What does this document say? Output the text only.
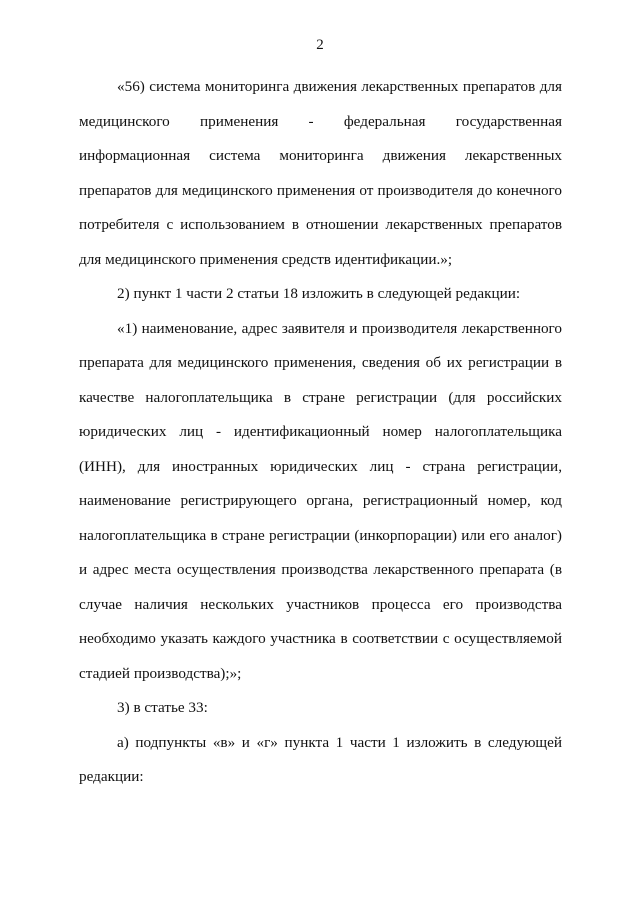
2

«56) система мониторинга движения лекарственных препаратов для медицинского применения - федеральная государственная информационная система мониторинга движения лекарственных препаратов для медицинского применения от производителя до конечного потребителя с использованием в отношении лекарственных препаратов для медицинского применения средств идентификации.»;

2) пункт 1 части 2 статьи 18 изложить в следующей редакции:

«1) наименование, адрес заявителя и производителя лекарственного препарата для медицинского применения, сведения об их регистрации в качестве налогоплательщика в стране регистрации (для российских юридических лиц - идентификационный номер налогоплательщика (ИНН), для иностранных юридических лиц - страна регистрации, наименование регистрирующего органа, регистрационный номер, код налогоплательщика в стране регистрации (инкорпорации) или его аналог) и адрес места осуществления производства лекарственного препарата (в случае наличия нескольких участников процесса его производства необходимо указать каждого участника в соответствии с осуществляемой стадией производства);»;

3) в статье 33:

а) подпункты «в» и «г» пункта 1 части 1 изложить в следующей редакции:
